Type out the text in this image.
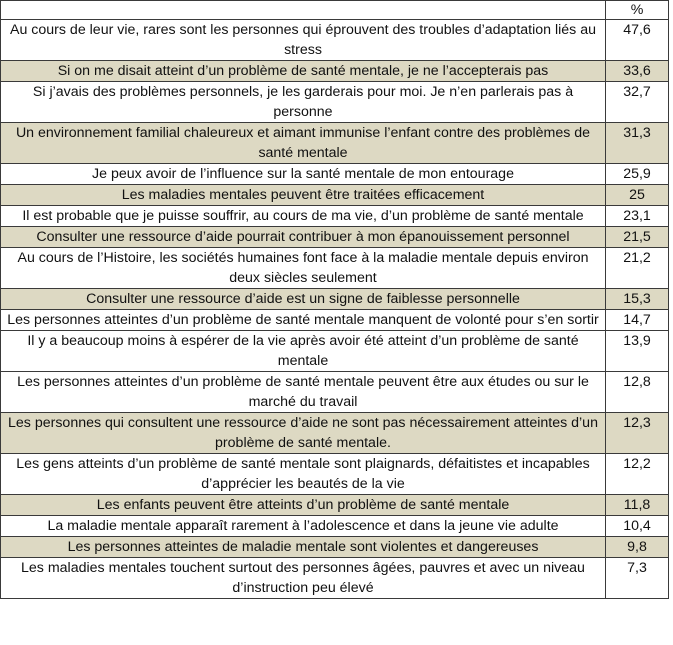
	%
Au cours de leur vie, rares sont les personnes qui éprouvent des troubles d’adaptation liés au stress	47,6
Si on me disait atteint d’un problème de santé mentale, je ne l’accepterais pas	33,6
Si j’avais des problèmes personnels, je les garderais pour moi. Je n’en parlerais pas à personne	32,7
Un environnement familial chaleureux et aimant immunise l’enfant contre des problèmes de santé mentale	31,3
Je peux avoir de l’influence sur la santé mentale de mon entourage	25,9
Les maladies mentales peuvent être traitées efficacement	25
Il est probable que je puisse souffrir, au cours de ma vie, d’un problème de santé mentale	23,1
Consulter une ressource d’aide pourrait contribuer à mon épanouissement personnel	21,5
Au cours de l’Histoire, les sociétés humaines font face à la maladie mentale depuis environ deux siècles seulement	21,2
Consulter une ressource d’aide est un signe de faiblesse personnelle	15,3
Les personnes atteintes d’un problème de santé mentale manquent de volonté pour s’en sortir	14,7
Il y a beaucoup moins à espérer de la vie après avoir été atteint d’un problème de santé mentale	13,9
Les personnes atteintes d’un problème de santé mentale peuvent être aux études ou sur le marché du travail	12,8
Les personnes qui consultent une ressource d’aide ne sont pas nécessairement atteintes d’un problème de santé mentale.	12,3
Les gens atteints d’un problème de santé mentale sont plaignards, défaitistes et incapables d’apprécier les beautés de la vie	12,2
Les enfants peuvent être atteints d’un problème de santé mentale	11,8
La maladie mentale apparaît rarement à l’adolescence et dans la jeune vie adulte	10,4
Les personnes atteintes de maladie mentale sont violentes et dangereuses	9,8
Les maladies mentales touchent surtout des personnes âgées, pauvres et avec un niveau d’instruction peu élevé	7,3
